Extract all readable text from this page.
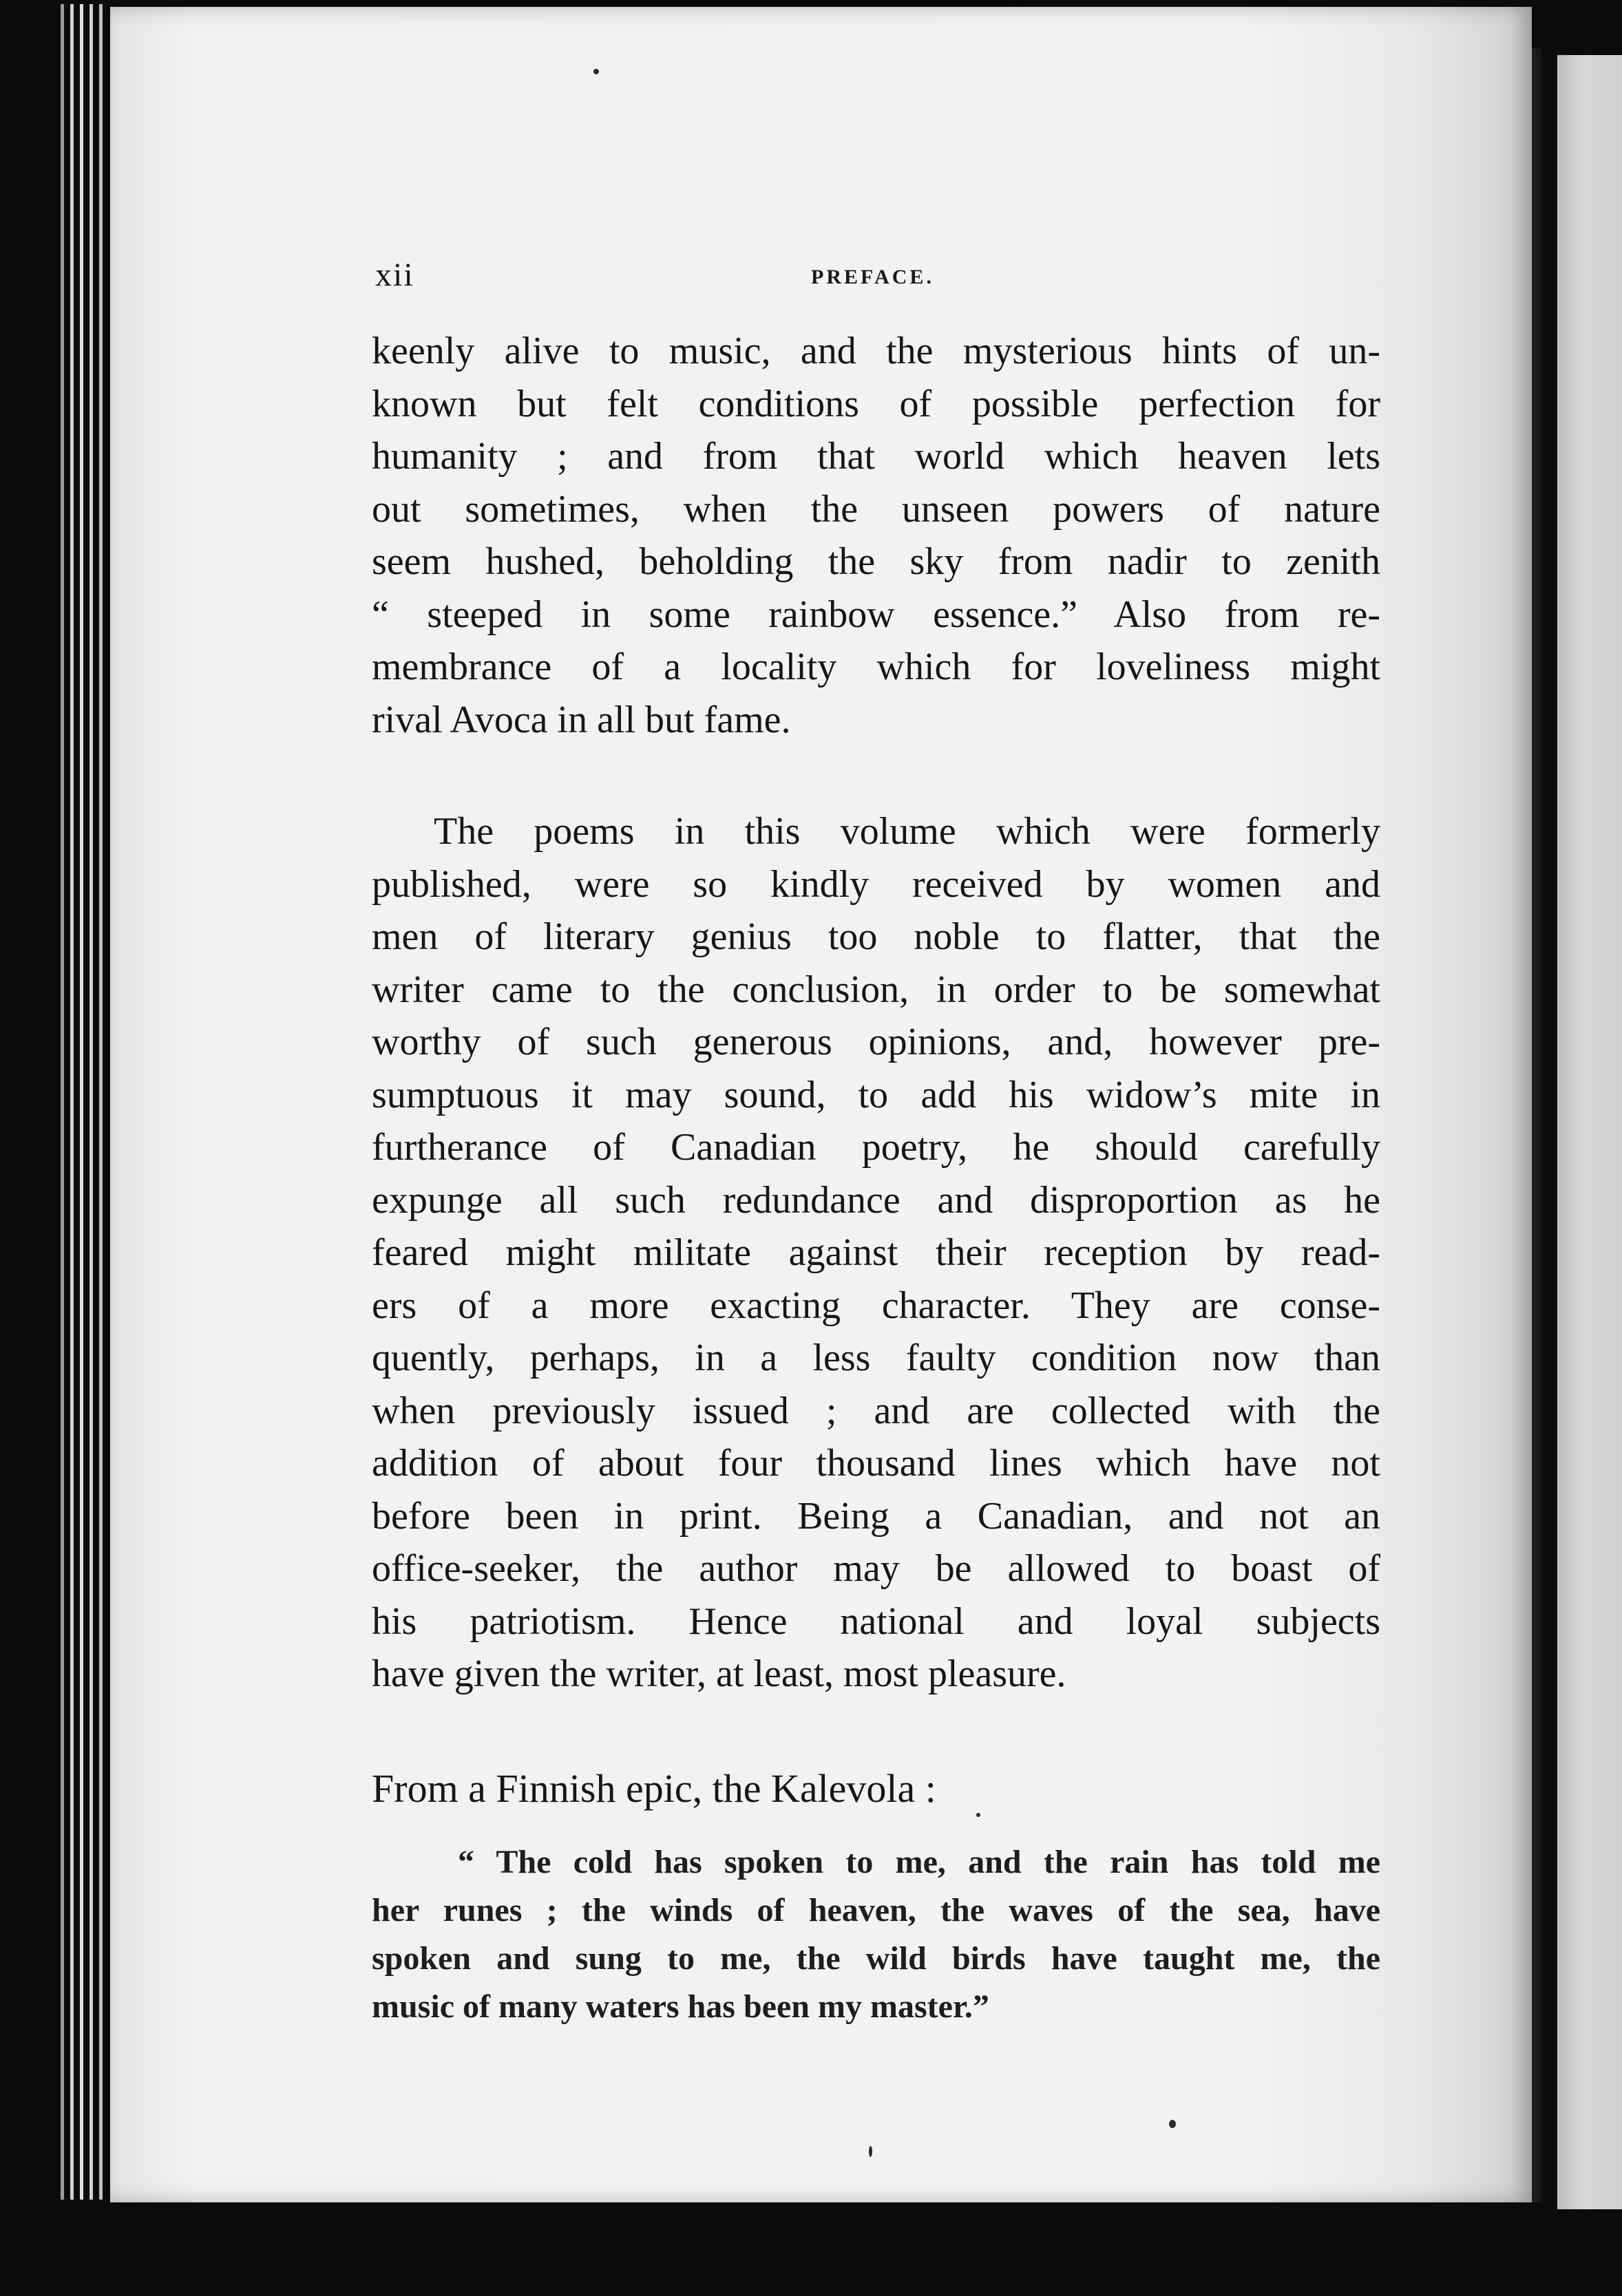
xii	PREFACE.

keenly alive to music, and the mysterious hints of un-
known but felt conditions of possible perfection for
humanity ; and from that world which heaven lets
out sometimes, when the unseen powers of nature
seem hushed, beholding the sky from nadir to zenith
“ steeped in some rainbow essence.” Also from re-
membrance of a locality which for loveliness might
rival Avoca in all but fame.

The poems in this volume which were formerly
published, were so kindly received by women and
men of literary genius too noble to flatter, that the
writer came to the conclusion, in order to be somewhat
worthy of such generous opinions, and, however pre-
sumptuous it may sound, to add his widow’s mite in
furtherance of Canadian poetry, he should carefully
expunge all such redundance and disproportion as he
feared might militate against their reception by read-
ers of a more exacting character. They are conse-
quently, perhaps, in a less faulty condition now than
when previously issued ; and are collected with the
addition of about four thousand lines which have not
before been in print. Being a Canadian, and not an
office-seeker, the author may be allowed to boast of
his patriotism. Hence national and loyal subjects
have given the writer, at least, most pleasure.

From a Finnish epic, the Kalevola :

“ The cold has spoken to me, and the rain has told me
her runes ; the winds of heaven, the waves of the sea, have
spoken and sung to me, the wild birds have taught me, the
music of many waters has been my master.”
